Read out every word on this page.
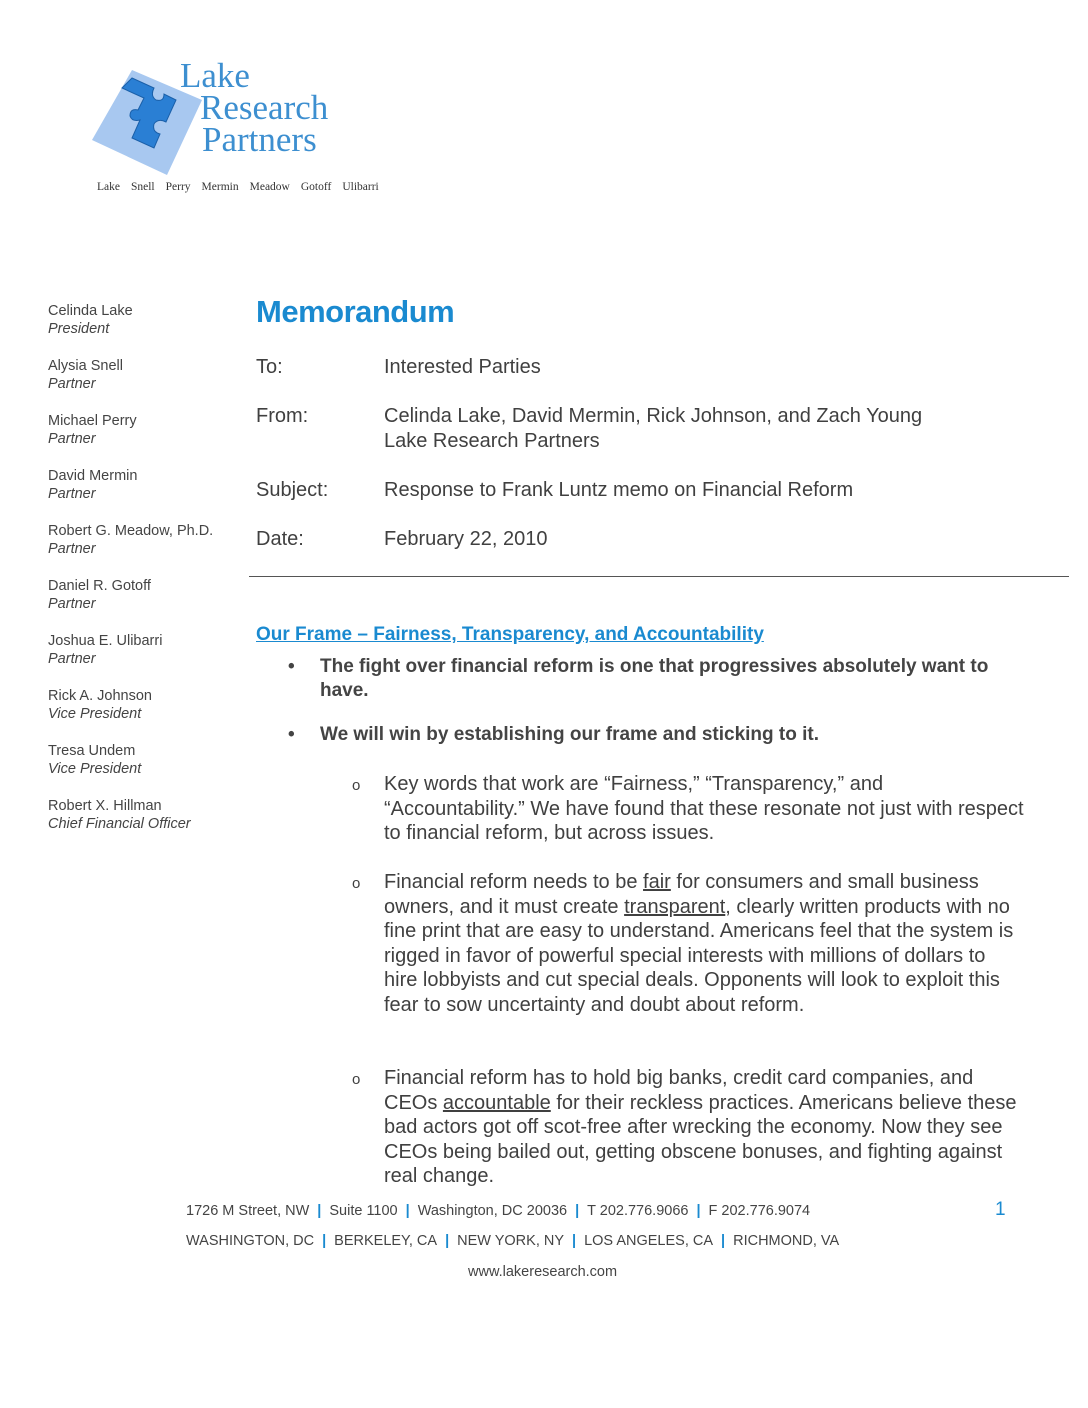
Lake
Research
Partners
Lake Snell Perry Mermin Meadow Gotoff Ulibarri
Celinda Lake
President
Alysia Snell
Partner
Michael Perry
Partner
David Mermin
Partner
Robert G. Meadow, Ph.D.
Partner
Daniel R. Gotoff
Partner
Joshua E. Ulibarri
Partner
Rick A. Johnson
Vice President
Tresa Undem
Vice President
Robert X. Hillman
Chief Financial Officer
Memorandum
To:	Interested Parties
From:	Celinda Lake, David Mermin, Rick Johnson, and Zach Young
Lake Research Partners
Subject:	Response to Frank Luntz memo on Financial Reform
Date:	February 22, 2010
Our Frame – Fairness, Transparency, and Accountability
• The fight over financial reform is one that progressives absolutely want to have.
• We will win by establishing our frame and sticking to it.
o Key words that work are “Fairness,” “Transparency,” and “Accountability.” We have found that these resonate not just with respect to financial reform, but across issues.
o Financial reform needs to be fair for consumers and small business owners, and it must create transparent, clearly written products with no fine print that are easy to understand. Americans feel that the system is rigged in favor of powerful special interests with millions of dollars to hire lobbyists and cut special deals. Opponents will look to exploit this fear to sow uncertainty and doubt about reform.
o Financial reform has to hold big banks, credit card companies, and CEOs accountable for their reckless practices. Americans believe these bad actors got off scot-free after wrecking the economy. Now they see CEOs being bailed out, getting obscene bonuses, and fighting against real change.
1726 M Street, NW | Suite 1100 | Washington, DC 20036 | T 202.776.9066 | F 202.776.9074	1
WASHINGTON, DC | BERKELEY, CA | NEW YORK, NY | LOS ANGELES, CA | RICHMOND, VA
www.lakeresearch.com
